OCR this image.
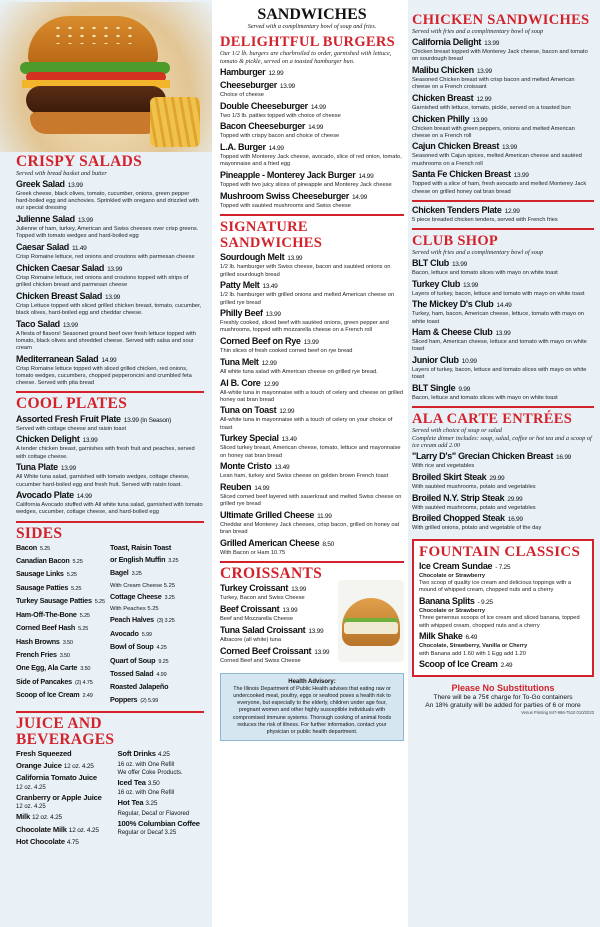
CRISPY SALADS
Served with bread basket and butter
Greek Salad 13.99
Greek cheese, black olives, tomato, cucumber, onions, green pepper hard-boiled egg and anchovies. Sprinkled with oregano and drizzled with our special dressing
Julienne Salad 13.99
Julienne of ham, turkey, American and Swiss cheeses over crisp greens. Topped with tomato wedges and hard-boiled egg
Caesar Salad 11.49
Crisp Romaine lettuce, red onions and croutons with parmesan cheese
Chicken Caesar Salad 13.99
Crisp Romaine lettuce, red onions and croutons topped with strips of grilled chicken breast and parmesan cheese
Chicken Breast Salad 13.99
Crisp Lettuce topped with sliced grilled chicken breast, tomato, cucumber, black olives, hard-boiled egg and cheddar cheese.
Taco Salad 13.99
A fiesta of flavors! Seasoned ground beef over fresh lettuce topped with tomato, black olives and shredded cheese. Served with salsa and sour cream
Mediterranean Salad 14.99
Crisp Romaine lettuce topped with sliced grilled chicken, red onions, tomato wedges, cucumbers, chopped pepperoncini and crumbled feta cheese. Served with pita bread
COOL PLATES
Assorted Fresh Fruit Plate 13.99 (In Season)
Served with cottage cheese and raisin toast
Chicken Delight 13.99
A tender chicken breast, garnishes with fresh fruit and peaches, served with cottage cheese.
Tuna Plate 13.99
All White tuna salad, garnished with tomato wedges, cottage cheese, cucumber hard-boiled egg and fresh fruit. Served with raisin toast.
Avocado Plate 14.99
California Avocado stuffed with All white tuna salad, garnished with tomato wedges, cucumber, cottage cheese, and hard-boiled egg
SIDES
Bacon 5.25
Canadian Bacon 5.25
Sausage Links 5.25
Sausage Patties 5.25
Turkey Sausage Patties 5.25
Ham-Off-The-Bone 5.25
Corned Beef Hash 5.25
Hash Browns 3.50
French Fries 3.50
One Egg, Ala Carte 3.50
Side of Pancakes (2) 4.75
Scoop of Ice Cream 2.49
Toast, Raisin Toast
or English Muffin 3.25
Bagel 3.25
With Cream Cheese 5.25
Cottage Cheese 3.25
With Peaches 5.25
Peach Halves (3) 3.25
Avocado 5.99
Bowl of Soup 4.25
Quart of Soup 9.25
Tossed Salad 4.99
Roasted Jalapeño
Poppers (2) 5.99
JUICE AND BEVERAGES
Fresh Squeezed
Orange Juice 12 oz. 4.25
California Tomato Juice
12 oz. 4.25
Cranberry or Apple Juice
12 oz. 4.25
Milk 12 oz. 4.25
Chocolate Milk 12 oz. 4.25
Hot Chocolate 4.75
Soft Drinks 4.25
16 oz. with One Refill
We offer Coke Products.
Iced Tea 3.50
16 oz. with One Refill
Hot Tea 3.25
Regular, Decaf or Flavored
100% Columbian Coffee
Regular or Decaf 3.25
SANDWICHES
Served with a complimentary bowl of soup and fries.
DELIGHTFUL BURGERS
Our 1/2 lb. burgers are charbroiled to order, garnished with lettuce, tomato & pickle, served on a toasted hamburger bun.
Hamburger 12.99
Cheeseburger 13.99
Choice of cheese
Double Cheeseburger 14.99
Two 1/3 lb. patties topped with choice of cheese
Bacon Cheeseburger 14.99
Topped with crispy bacon and choice of cheese
L.A. Burger 14.99
Topped with Monterey Jack cheese, avocado, slice of red onion, tomato, mayonnaise and a fried egg
Pineapple - Monterey Jack Burger 14.99
Topped with two juicy slices of pineapple and Monterey Jack cheese
Mushroom Swiss Cheeseburger 14.99
Topped with sautéed mushrooms and Swiss cheese
SIGNATURE SANDWICHES
Sourdough Melt 13.99
1/2 lb. hamburger with Swiss cheese, bacon and sautéed onions on grilled sourdough bread
Patty Melt 13.49
1/2 lb. hamburger with grilled onions and melted American cheese on grilled rye bread
Philly Beef 13.99
Freshly cooked, sliced beef with sautéed onions, green pepper and mushrooms, topped with mozzarella cheese on a French roll
Corned Beef on Rye 13.99
Thin slices of fresh cooked corned beef on rye bread
Tuna Melt 12.99
All white tuna salad with American cheese on grilled rye bread.
Al B. Core 12.99
All-white tuna in mayonnaise with a touch of celery and cheese on grilled honey oat bran bread
Tuna on Toast 12.99
All-white tuna in mayonnaise with a touch of celery on your choice of toast
Turkey Special 13.49
Sliced turkey breast, American cheese, tomato, lettuce and mayonnaise on honey oat bran bread
Monte Cristo 13.49
Lean ham, turkey and Swiss cheese on golden brown French toast
Reuben 14.99
Sliced corned beef layered with sauerkraut and melted Swiss cheese on grilled rye bread
Ultimate Grilled Cheese 11.99
Cheddar and Monterey Jack cheeses, crisp bacon, grilled on honey oat bran bread
Grilled American Cheese 8.50
With Bacon or Ham 10.75
CROISSANTS
Turkey Croissant 13.99
Turkey, Bacon and Swiss Cheese
Beef Croissant 13.99
Beef and Mozzarella Cheese
Tuna Salad Croissant 13.99
Albacore (all white) tuna
Corned Beef Croissant 13.99
Corned Beef and Swiss Cheese
Health Advisory:
The Illinois Department of Public Health advises that eating raw or undercooked meat, poultry, eggs or seafood poses a health risk to everyone, but especially to the elderly, children under age four, pregnant women and other highly susceptible individuals with compromised immune systems. Thorough cooking of animal foods reduces the risk of illness. For further information, contact your physician or public health department.
CHICKEN SANDWICHES
Served with fries and a complimentary bowl of soup
California Delight 13.99
Chicken breast topped with Monterey Jack cheese, bacon and tomato on sourdough bread
Malibu Chicken 13.99
Seasoned Chicken breast with crisp bacon and melted American cheese on a French croissant
Chicken Breast 12.99
Garnished with lettuce, tomato, pickle, served on a toasted bun
Chicken Philly 13.99
Chicken breast with green peppers, onions and melted American cheese on a French roll
Cajun Chicken Breast 13.99
Seasoned with Cajun spices, melted American cheese and sautéed mushrooms on a French roll
Santa Fe Chicken Breast 13.99
Topped with a slice of ham, fresh avocado and melted Monterey Jack cheese on grilled honey oat bran bread
Chicken Tenders Plate 12.99
5 piece breaded chicken tenders, served with French fries
CLUB SHOP
Served with fries and a complimentary bowl of soup
BLT Club 13.99
Bacon, lettuce and tomato slices with mayo on white toast
Turkey Club 13.99
Layers of turkey, bacon, lettuce and tomato with mayo on white toast
The Mickey D's Club 14.49
Turkey, ham, bacon, American cheese, lettuce, tomato with mayo on white toast
Ham & Cheese Club 13.99
Sliced ham, American cheese, lettuce and tomato with mayo on white toast
Junior Club 10.99
Layers of turkey, bacon, lettuce and tomato slices with mayo on white toast
BLT Single 9.99
Bacon, lettuce and tomato slices with mayo on white toast
ALA CARTE ENTRÉES
Served with choice of soup or salad
Complete dinner includes: soup, salad, coffee or hot tea and a scoop of ice cream add 2.00
"Larry D's" Grecian Chicken Breast 16.99
With rice and vegetables
Broiled Skirt Steak 29.99
With sautéed mushrooms, potato and vegetables
Broiled N.Y. Strip Steak 29.99
With sautéed mushrooms, potato and vegetables
Broiled Chopped Steak 16.99
With grilled onions, potato and vegetable of the day
FOUNTAIN CLASSICS
Ice Cream Sundae - 7.25
Chocolate or Strawberry
Two scoop of quality ice cream and delicious toppings with a mound of whipped cream, chopped nuts and a cherry
Banana Splits - 9.25
Chocolate or Strawberry
Three generous scoops of ice cream and sliced banana, topped with whipped cream, chopped nuts and a cherry
Milk Shake 6.49
Chocolate, Strawberry, Vanilla or Cherry
with Banana add 1.60 with 1 Egg add 1.20
Scoop of Ice Cream 2.49
Please No Substitutions
There will be a 75¢ charge for To-Go containers
An 18% gratuity will be added for parties of 6 or more
Venus Printing 847-966-7510 010/2023
